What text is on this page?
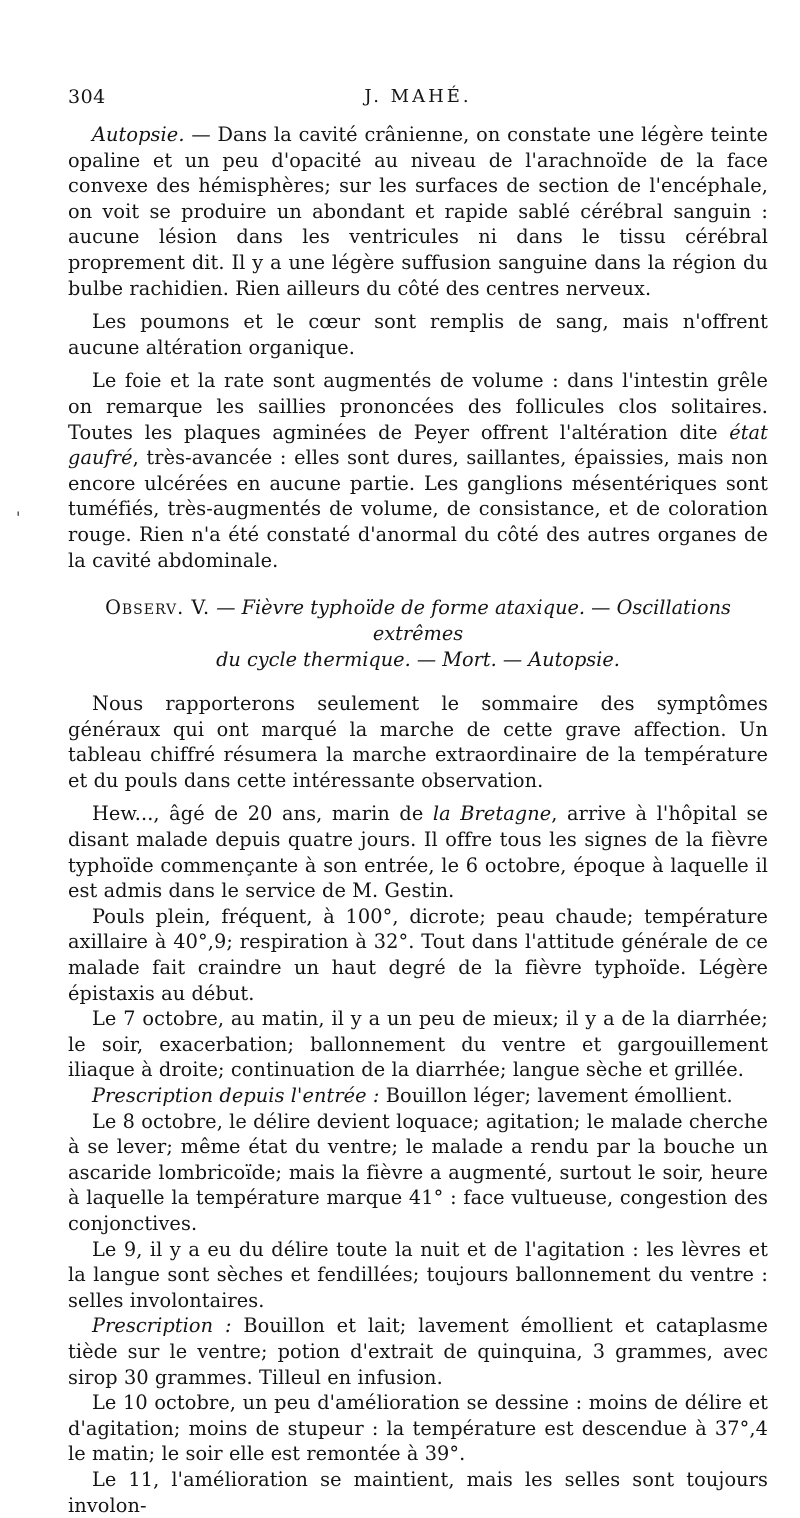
304	J. MAHÉ.
'

Autopsie. — Dans la cavité crânienne, on constate une légère teinte opaline et un peu d'opacité au niveau de l'arachnoïde de la face convexe des hémisphères; sur les surfaces de section de l'encéphale, on voit se produire un abondant et rapide sablé cérébral sanguin : aucune lésion dans les ventricules ni dans le tissu cérébral proprement dit. Il y a une légère suffusion sanguine dans la région du bulbe rachidien. Rien ailleurs du côté des centres nerveux.

Les poumons et le cœur sont remplis de sang, mais n'offrent aucune altération organique.

Le foie et la rate sont augmentés de volume : dans l'intestin grêle on remarque les saillies prononcées des follicules clos solitaires. Toutes les plaques agminées de Peyer offrent l'altération dite état gaufré, très-avancée : elles sont dures, saillantes, épaissies, mais non encore ulcérées en aucune partie. Les ganglions mésentériques sont tuméfiés, très-augmentés de volume, de consistance, et de coloration rouge. Rien n'a été constaté d'anormal du côté des autres organes de la cavité abdominale.

Observ. V. — Fièvre typhoïde de forme ataxique. — Oscillations extrêmes
du cycle thermique. — Mort. — Autopsie.

Nous rapporterons seulement le sommaire des symptômes généraux qui ont marqué la marche de cette grave affection. Un tableau chiffré résumera la marche extraordinaire de la température et du pouls dans cette intéressante observation.

Hew..., âgé de 20 ans, marin de la Bretagne, arrive à l'hôpital se disant malade depuis quatre jours. Il offre tous les signes de la fièvre typhoïde commençante à son entrée, le 6 octobre, époque à laquelle il est admis dans le service de M. Gestin.

Pouls plein, fréquent, à 100°, dicrote; peau chaude; température axillaire à 40°,9; respiration à 32°. Tout dans l'attitude générale de ce malade fait craindre un haut degré de la fièvre typhoïde. Légère épistaxis au début.

Le 7 octobre, au matin, il y a un peu de mieux; il y a de la diarrhée; le soir, exacerbation; ballonnement du ventre et gargouillement iliaque à droite; continuation de la diarrhée; langue sèche et grillée.

Prescription depuis l'entrée : Bouillon léger; lavement émollient.

Le 8 octobre, le délire devient loquace; agitation; le malade cherche à se lever; même état du ventre; le malade a rendu par la bouche un ascaride lombricoïde; mais la fièvre a augmenté, surtout le soir, heure à laquelle la température marque 41° : face vultueuse, congestion des conjonctives.

Le 9, il y a eu du délire toute la nuit et de l'agitation : les lèvres et la langue sont sèches et fendillées; toujours ballonnement du ventre : selles involontaires.

Prescription : Bouillon et lait; lavement émollient et cataplasme tiède sur le ventre; potion d'extrait de quinquina, 3 grammes, avec sirop 30 grammes. Tilleul en infusion.

Le 10 octobre, un peu d'amélioration se dessine : moins de délire et d'agitation; moins de stupeur : la température est descendue à 37°,4 le matin; le soir elle est remontée à 39°.

Le 11, l'amélioration se maintient, mais les selles sont toujours involon-
